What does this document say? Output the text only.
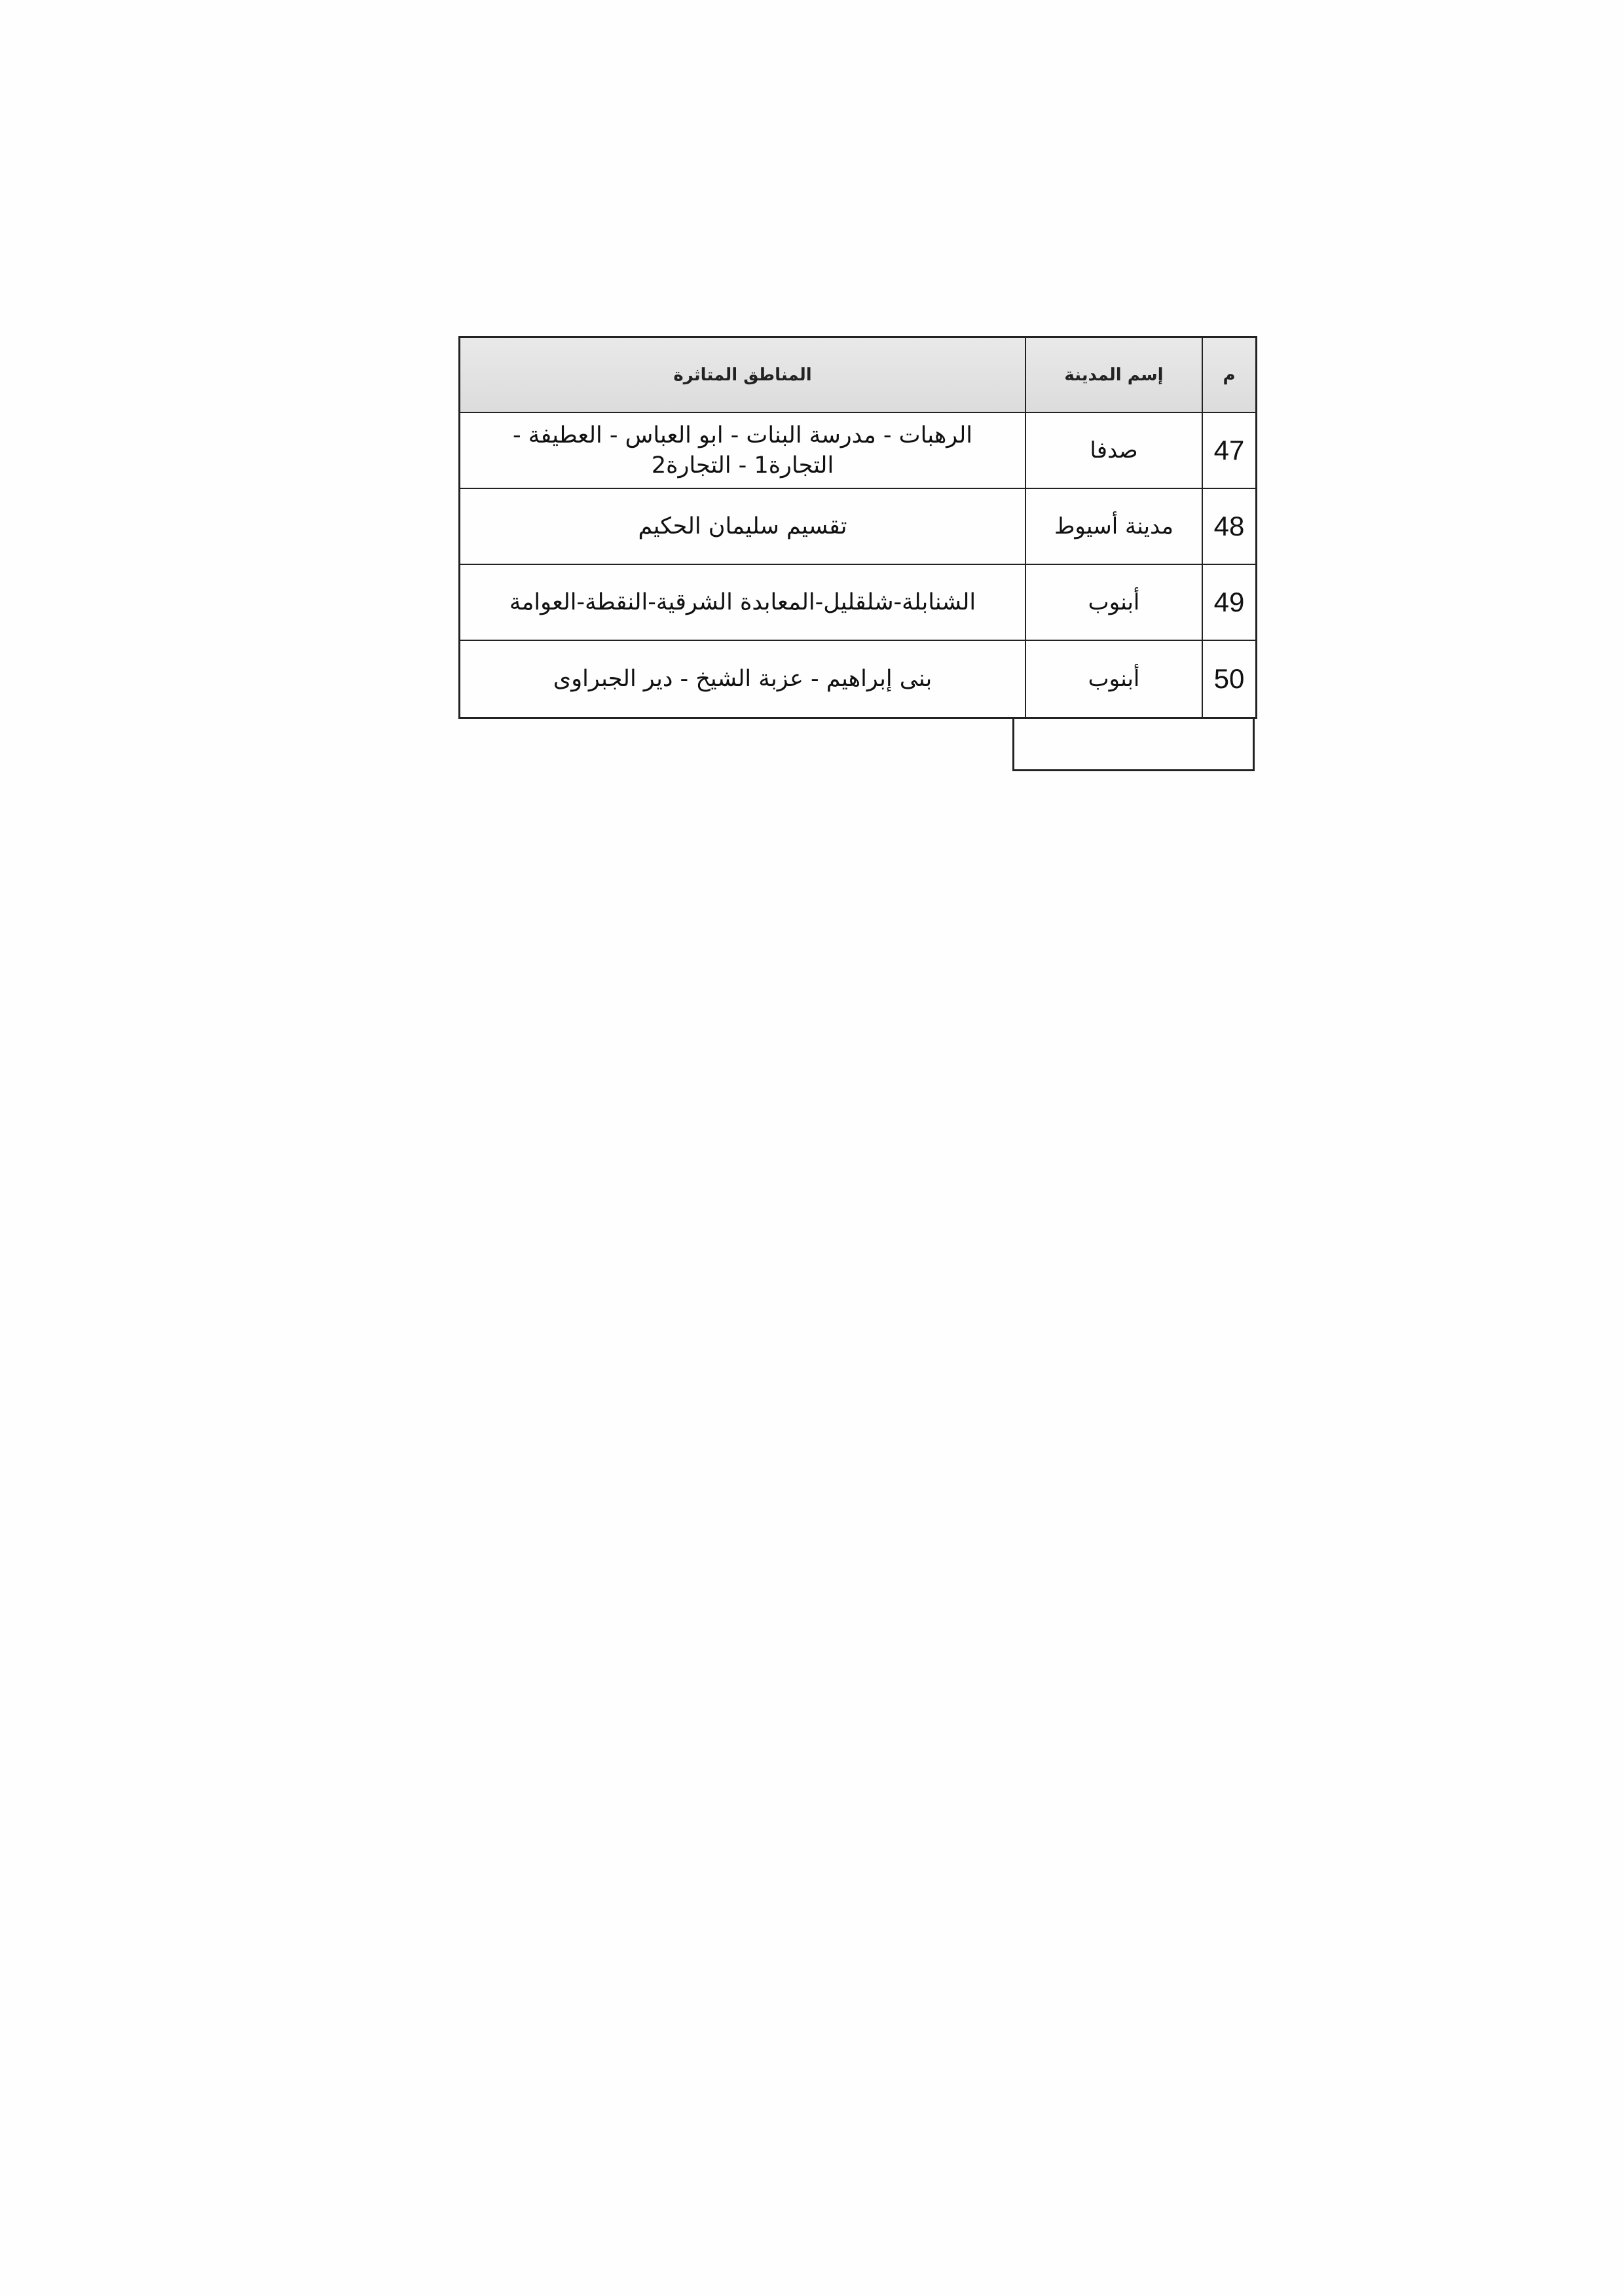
م
إسم المدينة
المناطق المتاثرة
47
صدفا
الرهبات - مدرسة البنات - ابو العباس - العطيفة - التجارة1 - التجارة2
48
مدينة أسيوط
تقسيم سليمان الحكيم
49
أبنوب
الشنابلة-شلقليل-المعابدة الشرقية-النقطة-العوامة
50
أبنوب
بنى إبراهيم - عزبة الشيخ - دير الجبراوى
